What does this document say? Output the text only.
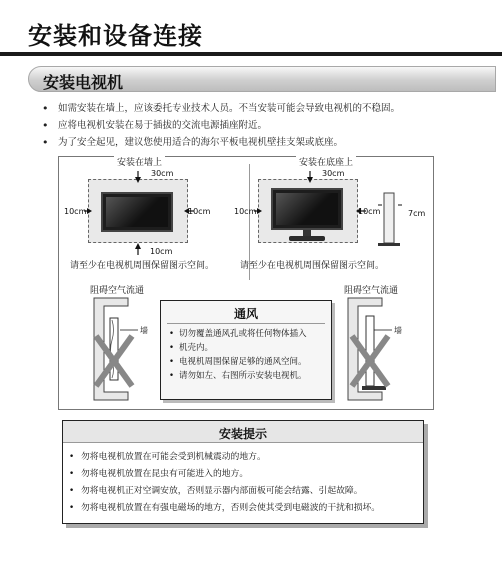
安装和设备连接
安装电视机
• 如需安装在墙上，应该委托专业技术人员。不当安装可能会导致电视机的不稳固。
• 应将电视机安装在易于插拔的交流电源插座附近。
• 为了安全起见，建议您使用适合的海尔平板电视机壁挂支架或底座。
安装在墙上
30cm
10cm	10cm
10cm
请至少在电视机周围保留图示空间。
安装在底座上
30cm
10cm	10cm	7cm
请至少在电视机周围保留图示空间。
阻碍空气流通
墙
阻碍空气流通
墙
通风
• 切勿覆盖通风孔或将任何物体插入
• 机壳内。
• 电视机周围保留足够的通风空间。
• 请勿如左、右图所示安装电视机。
安装提示
• 勿将电视机放置在可能会受到机械震动的地方。
• 勿将电视机放置在昆虫有可能进入的地方。
• 勿将电视机正对空调安放，否则显示器内部面板可能会结露、引起故障。
• 勿将电视机放置在有强电磁场的地方，否则会使其受到电磁波的干扰和损坏。
